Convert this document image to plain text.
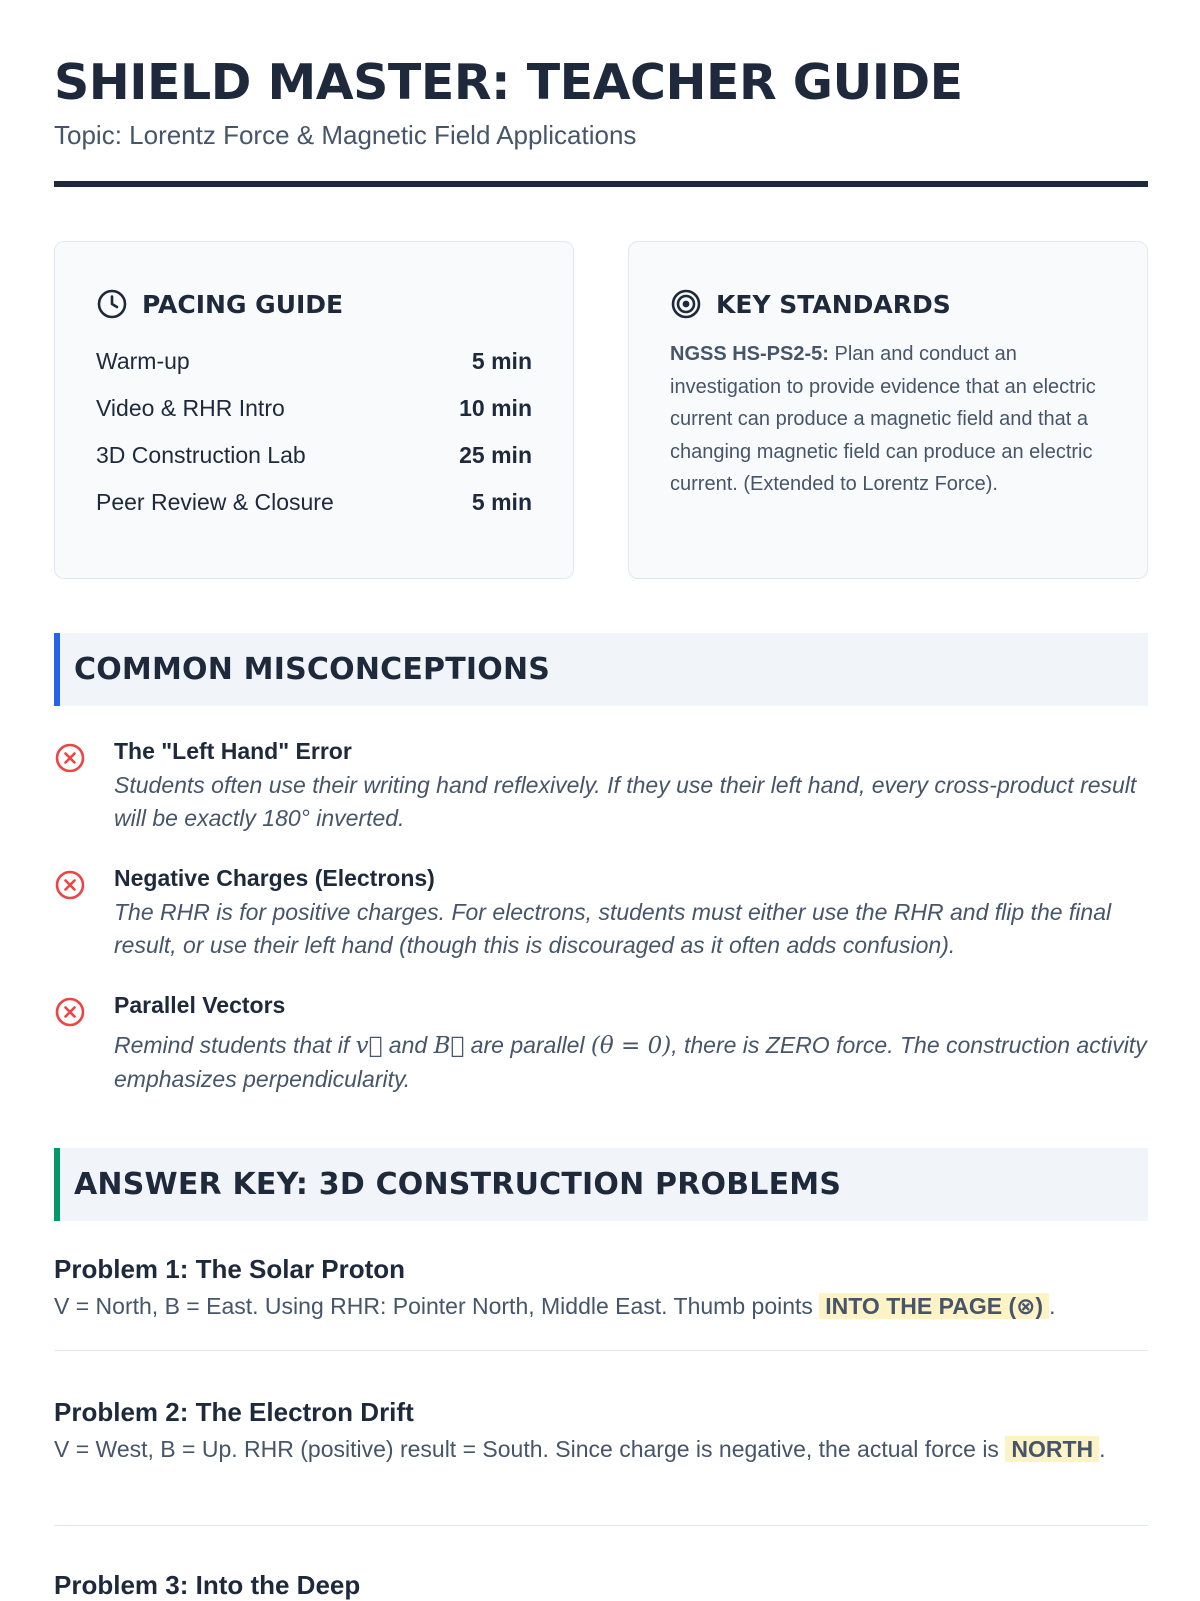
SHIELD MASTER: TEACHER GUIDE
Topic: Lorentz Force & Magnetic Field Applications
PACING GUIDE
Warm-up	5 min
Video & RHR Intro	10 min
3D Construction Lab	25 min
Peer Review & Closure	5 min
KEY STANDARDS
NGSS HS-PS2-5: Plan and conduct an investigation to provide evidence that an electric current can produce a magnetic field and that a changing magnetic field can produce an electric current. (Extended to Lorentz Force).
COMMON MISCONCEPTIONS
The "Left Hand" Error
Students often use their writing hand reflexively. If they use their left hand, every cross-product result will be exactly 180° inverted.
Negative Charges (Electrons)
The RHR is for positive charges. For electrons, students must either use the RHR and flip the final result, or use their left hand (though this is discouraged as it often adds confusion).
Parallel Vectors
Remind students that if v⃗ and B⃗ are parallel (θ = 0), there is ZERO force. The construction activity emphasizes perpendicularity.
ANSWER KEY: 3D CONSTRUCTION PROBLEMS
Problem 1: The Solar Proton
V = North, B = East. Using RHR: Pointer North, Middle East. Thumb points INTO THE PAGE (⊗) .
Problem 2: The Electron Drift
V = West, B = Up. RHR (positive) result = South. Since charge is negative, the actual force is NORTH .
Problem 3: Into the Deep
